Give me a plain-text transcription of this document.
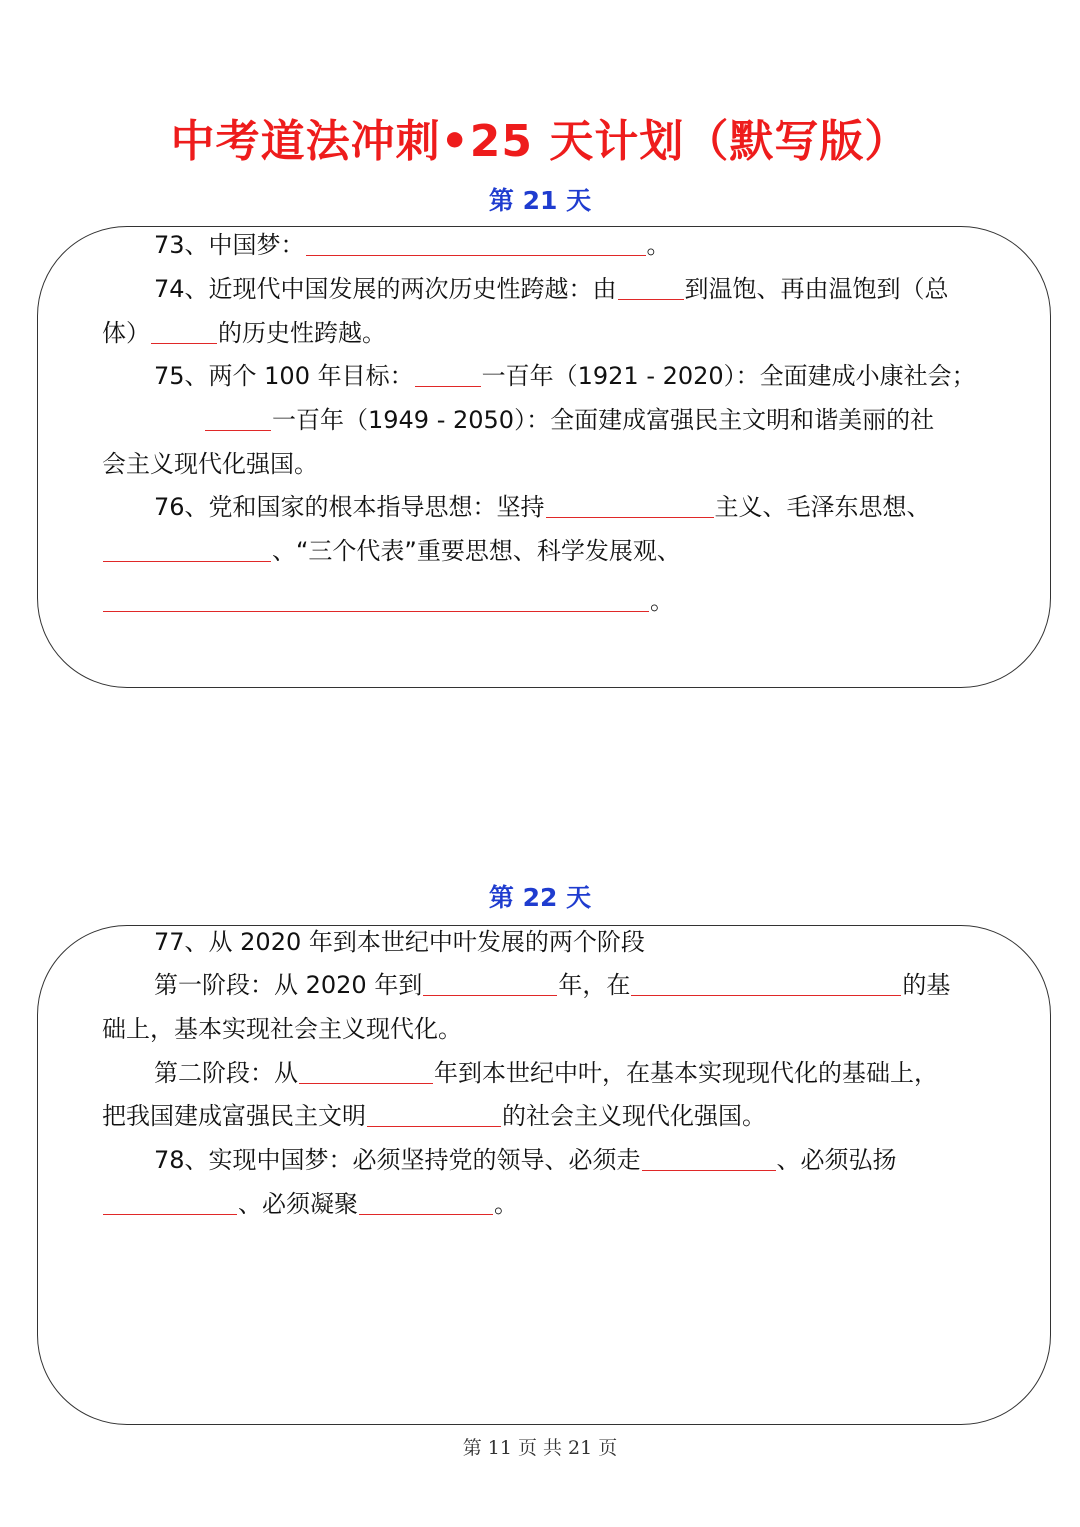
中考道法冲刺•25 天计划（默写版）
第 21 天
73、中国梦：	。
74、近现代中国发展的两次历史性跨越：由	到温饱、再由温饱到（总
体）	的历史性跨越。
75、两个 100 年目标：	一百年（1921 - 2020）：全面建成小康社会；
一百年（1949 - 2050）：全面建成富强民主文明和谐美丽的社
会主义现代化强国。
76、党和国家的根本指导思想：坚持	主义、毛泽东思想、
、“三个代表”重要思想、科学发展观、
。
第 22 天
77、从 2020 年到本世纪中叶发展的两个阶段
第一阶段：从 2020 年到	年，在	的基
础上，基本实现社会主义现代化。
第二阶段：从	年到本世纪中叶，在基本实现现代化的基础上，
把我国建成富强民主文明	的社会主义现代化强国。
78、实现中国梦：必须坚持党的领导、必须走	、必须弘扬
、必须凝聚	。
第 11 页 共 21 页
